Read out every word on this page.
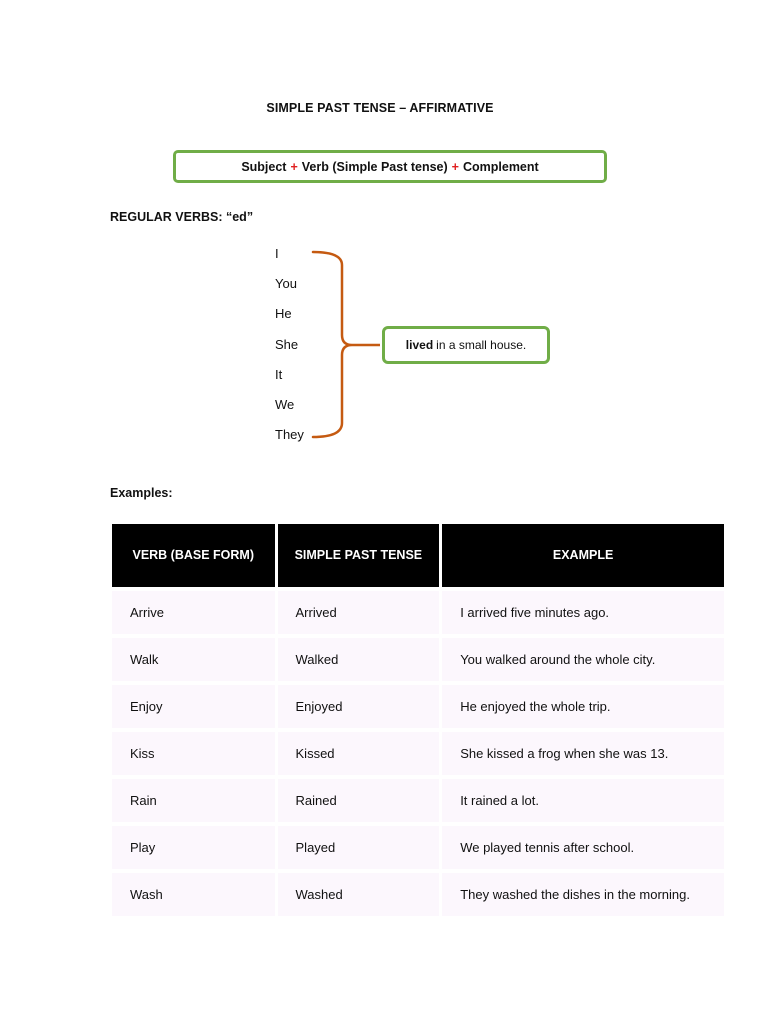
SIMPLE PAST TENSE – AFFIRMATIVE
Subject + Verb (Simple Past tense) + Complement
REGULAR VERBS: “ed”
I
You
He
She
It
We
They
lived in a small house.
Examples:
VERB (BASE FORM)	SIMPLE PAST TENSE	EXAMPLE
Arrive	Arrived	I arrived five minutes ago.
Walk	Walked	You walked around the whole city.
Enjoy	Enjoyed	He enjoyed the whole trip.
Kiss	Kissed	She kissed a frog when she was 13.
Rain	Rained	It rained a lot.
Play	Played	We played tennis after school.
Wash	Washed	They washed the dishes in the morning.
